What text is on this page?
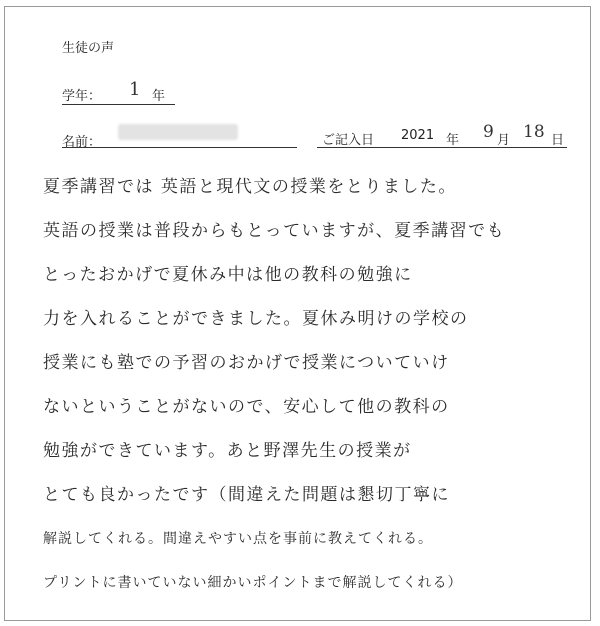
生徒の声
学年： 1 年
名前：	ご記入日 2021 年 9 月 18 日
夏季講習では 英語と現代文の授業をとりました。
英語の授業は普段からもとっていますが、夏季講習でも
とったおかげで夏休み中は他の教科の勉強に
力を入れることができました。夏休み明けの学校の
授業にも塾での予習のおかげで授業についていけ
ないということがないので、安心して他の教科の
勉強ができています。あと野澤先生の授業が
とても良かったです（間違えた問題は懇切丁寧に
解説してくれる。間違えやすい点を事前に教えてくれる。
プリントに書いていない細かいポイントまで解説してくれる）
